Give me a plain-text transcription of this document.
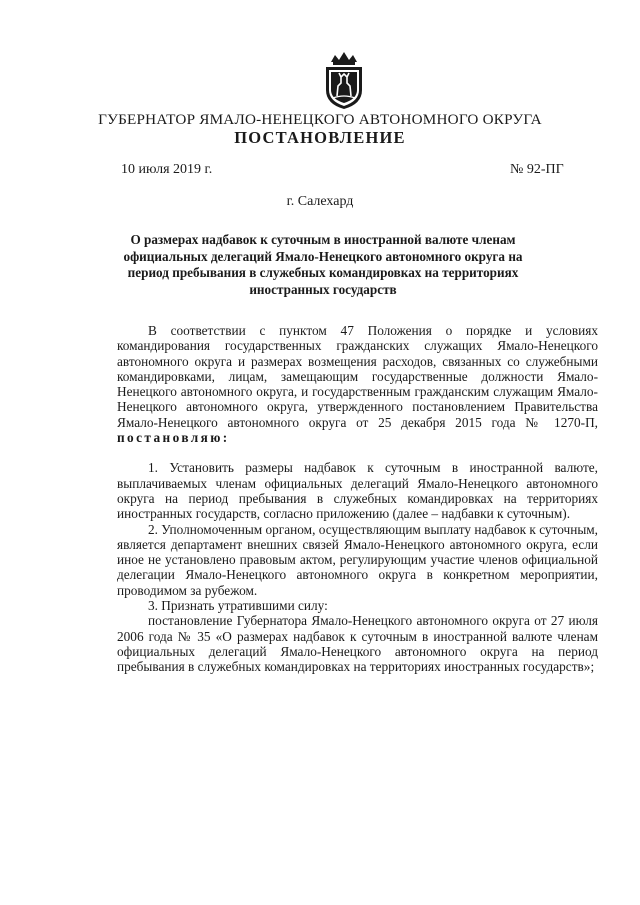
ГУБЕРНАТОР ЯМАЛО-НЕНЕЦКОГО АВТОНОМНОГО ОКРУГА
ПОСТАНОВЛЕНИЕ
10 июля 2019 г.	№ 92-ПГ
г. Салехард
О размерах надбавок к суточным в иностранной валюте членам официальных делегаций Ямало-Ненецкого автономного округа на период пребывания в служебных командировках на территориях иностранных государств

В соответствии с пунктом 47 Положения о порядке и условиях командирования государственных гражданских служащих Ямало-Ненецкого автономного округа и размерах возмещения расходов, связанных со служебными командировками, лицам, замещающим государственные должности Ямало-Ненецкого автономного округа, и государственным гражданским служащим Ямало-Ненецкого автономного округа, утвержденного постановлением Правительства Ямало-Ненецкого автономного округа от 25 декабря 2015 года № 1270-П, постановляю:

1. Установить размеры надбавок к суточным в иностранной валюте, выплачиваемых членам официальных делегаций Ямало-Ненецкого автономного округа на период пребывания в служебных командировках на территориях иностранных государств, согласно приложению (далее – надбавки к суточным).

2. Уполномоченным органом, осуществляющим выплату надбавок к суточным, является департамент внешних связей Ямало-Ненецкого автономного округа, если иное не установлено правовым актом, регулирующим участие членов официальной делегации Ямало-Ненецкого автономного округа в конкретном мероприятии, проводимом за рубежом.

3. Признать утратившими силу:

постановление Губернатора Ямало-Ненецкого автономного округа от 27 июля 2006 года № 35 «О размерах надбавок к суточным в иностранной валюте членам официальных делегаций Ямало-Ненецкого автономного округа на период пребывания в служебных командировках на территориях иностранных государств»;
